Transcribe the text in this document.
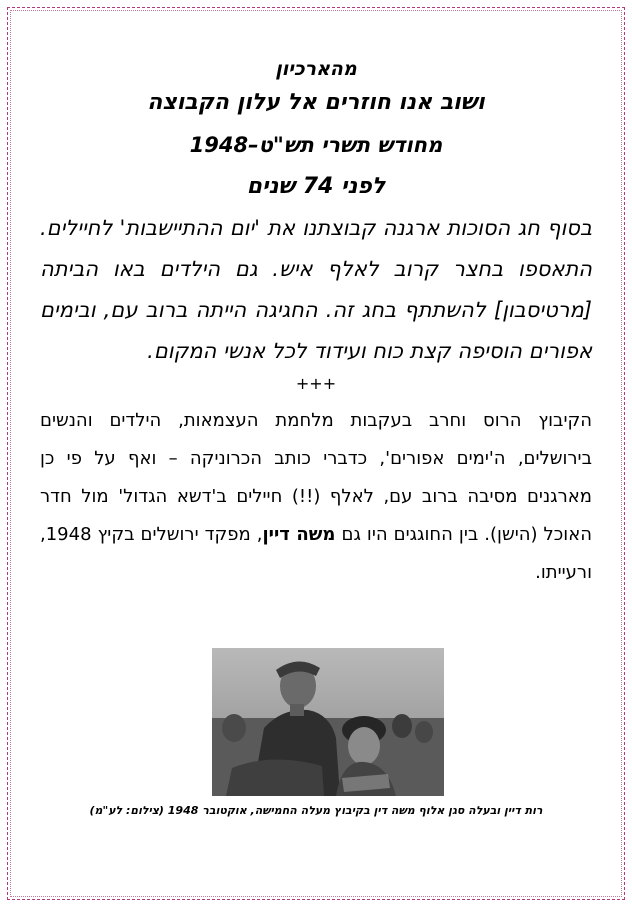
מהארכיון

ושוב אנו חוזרים אל עלון הקבוצה

מחודש תשרי תש"ט–1948

לפני 74 שנים

בסוף חג הסוכות ארגנה קבוצתנו את 'יום ההתיישבות' לחיילים. התאספו בחצר קרוב לאלף איש. גם הילדים באו הביתה [מרטיסבון] להשתתף בחג זה. החגיגה הייתה ברוב עם, ובימים אפורים הוסיפה קצת כוח ועידוד לכל אנשי המקום.

+++

הקיבוץ הרוס וחרב בעקבות מלחמת העצמאות, הילדים והנשים בירושלים, ה'ימים אפורים', כדברי כותב הכרוניקה – ואף על פי כן מארגנים מסיבה ברוב עם, לאלף (!!) חיילים ב'דשא הגדול' מול חדר האוכל (הישן). בין החוגגים היו גם משה דיין, מפקד ירושלים בקיץ 1948, ורעייתו.

רות דיין ובעלה סגן אלוף משה דין בקיבוץ מעלה החמישה, אוקטובר 1948 (צילום: לע"מ)
